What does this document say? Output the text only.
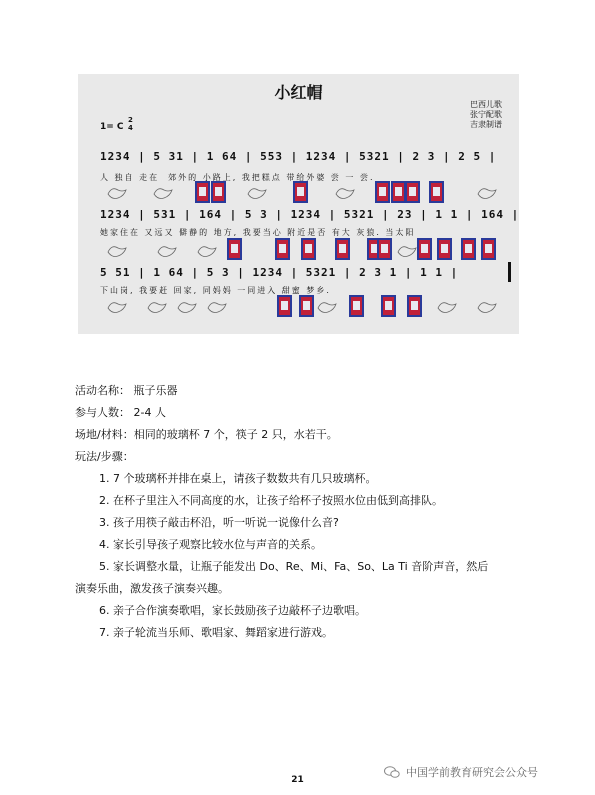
小红帽
巴西儿歌
张宁配歌
吉隶制谱
1= C
2
4
1234 | 5 31 | 1 64 | 553 | 1234 | 5321 | 2 3 | 2 5 |
人 独自 走在  郊外的 小路上, 我把糕点 带给外婆 尝 一 尝.
1234 | 531 | 164 | 5 3 | 1234 | 5321 | 23 | 1 1 | 164 |
她家住在 又远又 僻静的 地方, 我要当心 附近是否 有大 灰狼. 当太阳
5 51 | 1 64 | 5 3 | 1234 | 5321 | 2 3 1 | 1 1 |
下山岗, 我要赶 回家, 同妈妈 一同进入 甜蜜 梦乡.

活动名称： 瓶子乐器

参与人数： 2-4 人

场地/材料：相同的玻璃杯 7 个，筷子 2 只，水若干。

玩法/步骤：

1. 7 个玻璃杯并排在桌上，请孩子数数共有几只玻璃杯。

2. 在杯子里注入不同高度的水，让孩子给杯子按照水位由低到高排队。

3. 孩子用筷子敲击杯沿，听一听说一说像什么音?

4. 家长引导孩子观察比较水位与声音的关系。

5. 家长调整水量，让瓶子能发出 Do、Re、Mi、Fa、So、La Ti 音阶声音，然后

演奏乐曲，激发孩子演奏兴趣。

6. 亲子合作演奏歌唱，家长鼓励孩子边敲杯子边歌唱。

7. 亲子轮流当乐师、歌唱家、舞蹈家进行游戏。

中国学前教育研究会公众号
21
